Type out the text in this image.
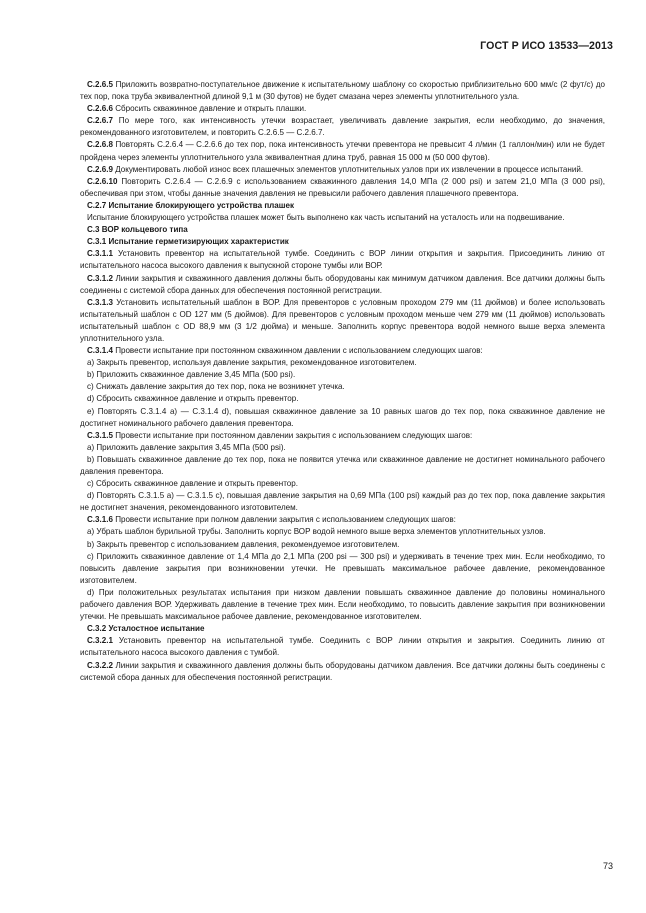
ГОСТ Р ИСО 13533—2013

С.2.6.5 Приложить возвратно-поступательное движение к испытательному шаблону со скоростью приблизительно 600 мм/с (2 фут/с) до тех пор, пока труба эквивалентной длиной 9,1 м (30 футов) не будет смазана через элементы уплотнительного узла.

С.2.6.6 Сбросить скважинное давление и открыть плашки.

С.2.6.7 По мере того, как интенсивность утечки возрастает, увеличивать давление закрытия, если необходимо, до значения, рекомендованного изготовителем, и повторить С.2.6.5 — С.2.6.7.

С.2.6.8 Повторять С.2.6.4 — С.2.6.6 до тех пор, пока интенсивность утечки превентора не превысит 4 л/мин (1 галлон/мин) или не будет пройдена через элементы уплотнительного узла эквивалентная длина труб, равная 15 000 м (50 000 футов).

С.2.6.9 Документировать любой износ всех плашечных элементов уплотнительных узлов при их извлечении в процессе испытаний.

С.2.6.10 Повторить С.2.6.4 — С.2.6.9 с использованием скважинного давления 14,0 МПа (2 000 psi) и затем 21,0 МПа (3 000 psi), обеспечивая при этом, чтобы данные значения давления не превысили рабочего давления плашечного превентора.

С.2.7 Испытание блокирующего устройства плашек

Испытание блокирующего устройства плашек может быть выполнено как часть испытаний на усталость или на подвешивание.

С.3 ВОР кольцевого типа

С.3.1 Испытание герметизирующих характеристик

С.3.1.1 Установить превентор на испытательной тумбе. Соединить с ВОР линии открытия и закрытия. Присоединить линию от испытательного насоса высокого давления к выпускной стороне тумбы или ВОР.

С.3.1.2 Линии закрытия и скважинного давления должны быть оборудованы как минимум датчиком давления. Все датчики должны быть соединены с системой сбора данных для обеспечения постоянной регистрации.

С.3.1.3 Установить испытательный шаблон в ВОР. Для превенторов с условным проходом 279 мм (11 дюймов) и более использовать испытательный шаблон с OD 127 мм (5 дюймов). Для превенторов с условным проходом меньше чем 279 мм (11 дюймов) использовать испытательный шаблон с OD 88,9 мм (3 1/2 дюйма) и меньше. Заполнить корпус превентора водой немного выше верха элемента уплотнительного узла.

С.3.1.4 Провести испытание при постоянном скважинном давлении с использованием следующих шагов:

a) Закрыть превентор, используя давление закрытия, рекомендованное изготовителем.

b) Приложить скважинное давление 3,45 МПа (500 psi).

c) Снижать давление закрытия до тех пор, пока не возникнет утечка.

d) Сбросить скважинное давление и открыть превентор.

e) Повторять С.3.1.4 a) — С.3.1.4 d), повышая скважинное давление за 10 равных шагов до тех пор, пока скважинное давление не достигнет номинального рабочего давления превентора.

С.3.1.5 Провести испытание при постоянном давлении закрытия с использованием следующих шагов:

a) Приложить давление закрытия 3,45 МПа (500 psi).

b) Повышать скважинное давление до тех пор, пока не появится утечка или скважинное давление не достигнет номинального рабочего давления превентора.

c) Сбросить скважинное давление и открыть превентор.

d) Повторять С.3.1.5 a) — С.3.1.5 c), повышая давление закрытия на 0,69 МПа (100 psi) каждый раз до тех пор, пока давление закрытия не достигнет значения, рекомендованного изготовителем.

С.3.1.6 Провести испытание при полном давлении закрытия с использованием следующих шагов:

a) Убрать шаблон бурильной трубы. Заполнить корпус ВОР водой немного выше верха элементов уплотнительных узлов.

b) Закрыть превентор с использованием давления, рекомендуемое изготовителем.

c) Приложить скважинное давление от 1,4 МПа до 2,1 МПа (200 psi — 300 psi) и удерживать в течение трех мин. Если необходимо, то повысить давление закрытия при возникновении утечки. Не превышать максимальное рабочее давление, рекомендованное изготовителем.

d) При положительных результатах испытания при низком давлении повышать скважинное давление до половины номинального рабочего давления ВОР. Удерживать давление в течение трех мин. Если необходимо, то повысить давление закрытия при возникновении утечки. Не превышать максимальное рабочее давление, рекомендованное изготовителем.

С.3.2 Усталостное испытание

С.3.2.1 Установить превентор на испытательной тумбе. Соединить с ВОР линии открытия и закрытия. Соединить линию от испытательного насоса высокого давления с тумбой.

С.3.2.2 Линии закрытия и скважинного давления должны быть оборудованы датчиком давления. Все датчики должны быть соединены с системой сбора данных для обеспечения постоянной регистрации.

73
